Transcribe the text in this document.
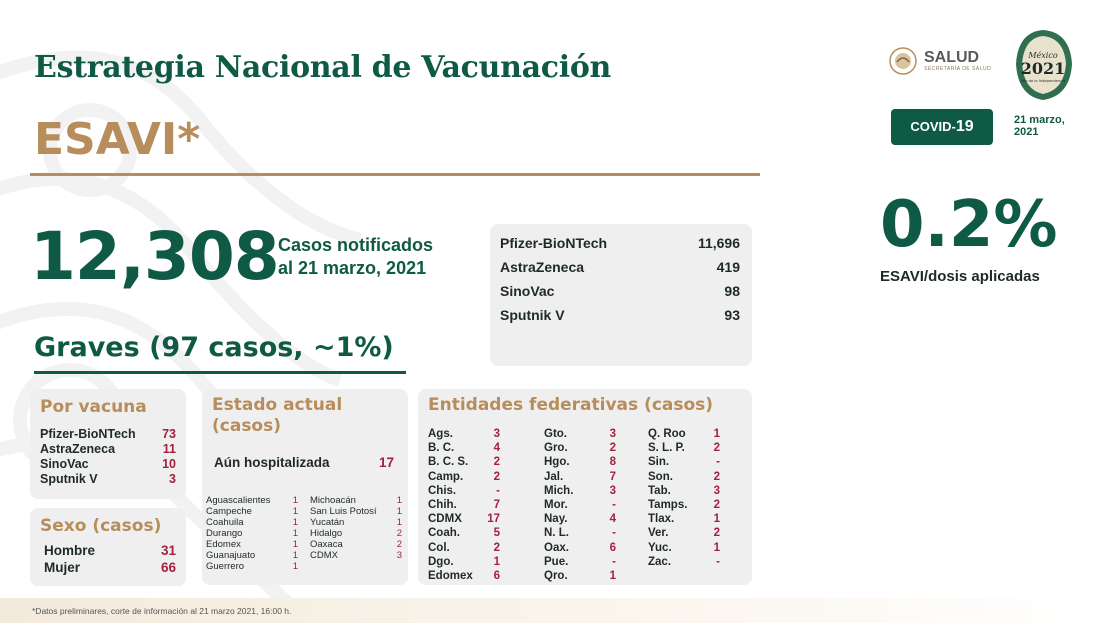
Estrategia Nacional de Vacunación
ESAVI*
SALUD
SECRETARÍA DE SALUD
México
2021
Año de la Independencia
COVID-19	21 marzo,
2021
12,308 Casos notificados
al 21 marzo, 2021
Pfizer-BioNTech	11,696
AstraZeneca	419
SinoVac	98
Sputnik V	93
0.2%
ESAVI/dosis aplicadas
Graves (97 casos, ~1%)
Por vacuna
Pfizer-BioNTech 73
AstraZeneca	11
SinoVac	10
Sputnik V	3
Sexo (casos)
Hombre	31
Mujer	66
Estado actual
(casos)
Aún hospitalizada	17
Aguascalientes 1
Campeche	1
Coahuila	1
Durango	1
Edomex	1
Guanajuato	1
Guerrero	1
Michoacán	1
San Luis Potosí 1
Yucatán	1
Hidalgo	2
Oaxaca	2
CDMX	3
Entidades federativas (casos)
Ags.	3
B. C.	4
B. C. S. 2
Camp.	2
Chis.	-
Chih.	7
CDMX 17
Coah.	5
Col.	2
Dgo.	1
Edomex 6
Gto.	3
Gro.	2
Hgo.	8
Jal.	7
Mich.	3
Mor.	-
Nay.	4
N. L.	-
Oax.	6
Pue.	-
Qro.	1
Q. Roo 1
S. L. P. 2
Sin.	-
Son.	2
Tab.	3
Tamps. 2
Tlax.	1
Ver.	2
Yuc.	1
Zac.	-
*Datos preliminares, corte de información al 21 marzo 2021, 16:00 h.
